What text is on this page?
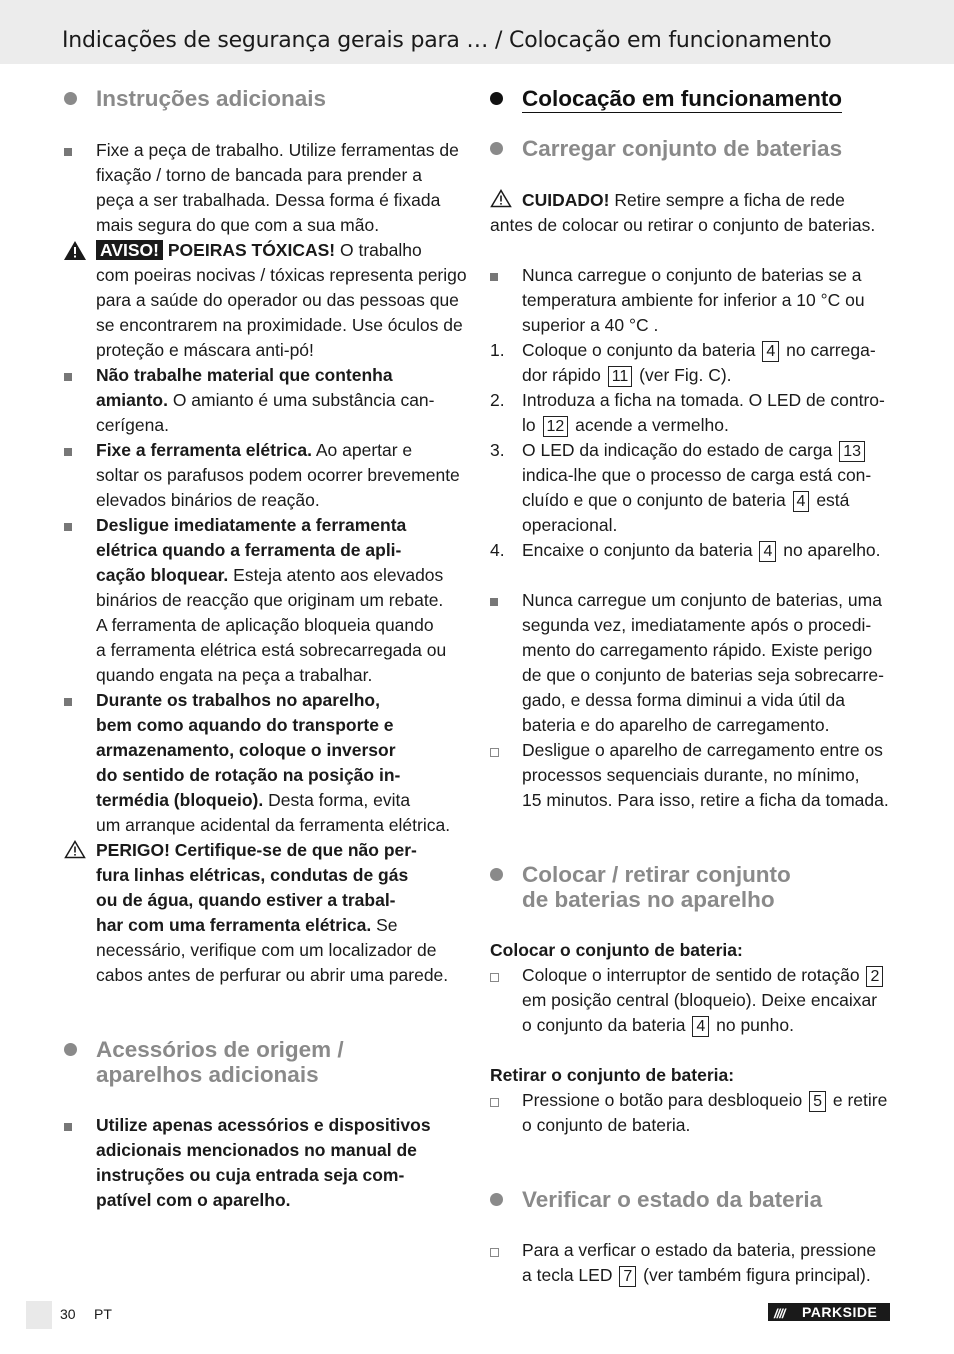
Indicações de segurança gerais para … / Colocação em funcionamento
Instruções adicionais
Fixe a peça de trabalho. Utilize ferramentas de
fixação / torno de bancada para prender a
peça a ser trabalhada. Dessa forma é fixada
mais segura do que com a sua mão.
AVISO! POEIRAS TÓXICAS! O trabalho
com poeiras nocivas / tóxicas representa perigo
para a saúde do operador ou das pessoas que
se encontrarem na proximidade. Use óculos de
proteção e máscara anti-pó!
Não trabalhe material que contenha
amianto. O amianto é uma substância can-
cerígena.
Fixe a ferramenta elétrica. Ao apertar e
soltar os parafusos podem ocorrer brevemente
elevados binários de reação.
Desligue imediatamente a ferramenta
elétrica quando a ferramenta de apli-
cação bloquear. Esteja atento aos elevados
binários de reacção que originam um rebate.
A ferramenta de aplicação bloqueia quando
a ferramenta elétrica está sobrecarregada ou
quando engata na peça a trabalhar.
Durante os trabalhos no aparelho,
bem como aquando do transporte e
armazenamento, coloque o inversor
do sentido de rotação na posição in-
termédia (bloqueio). Desta forma, evita
um arranque acidental da ferramenta elétrica.
PERIGO! Certifique-se de que não per-
fura linhas elétricas, condutas de gás
ou de água, quando estiver a trabal-
har com uma ferramenta elétrica. Se
necessário, verifique com um localizador de
cabos antes de perfurar ou abrir uma parede.
Acessórios de origem /
aparelhos adicionais
Utilize apenas acessórios e dispositivos
adicionais mencionados no manual de
instruções ou cuja entrada seja com-
patível com o aparelho.
Colocação em funcionamento
Carregar conjunto de baterias
CUIDADO! Retire sempre a ficha de rede
antes de colocar ou retirar o conjunto de baterias.
Nunca carregue o conjunto de baterias se a
temperatura ambiente for inferior a 10 °C ou
superior a 40 °C .
1. Coloque o conjunto da bateria 4 no carrega-
dor rápido 11 (ver Fig. C).
2. Introduza a ficha na tomada. O LED de contro-
lo 12 acende a vermelho.
3. O LED da indicação do estado de carga 13
indica-lhe que o processo de carga está con-
cluído e que o conjunto de bateria 4 está
operacional.
4. Encaixe o conjunto da bateria 4 no aparelho.
Nunca carregue um conjunto de baterias, uma
segunda vez, imediatamente após o procedi-
mento do carregamento rápido. Existe perigo
de que o conjunto de baterias seja sobrecarre-
gado, e dessa forma diminui a vida útil da
bateria e do aparelho de carregamento.
Desligue o aparelho de carregamento entre os
processos sequenciais durante, no mínimo,
15 minutos. Para isso, retire a ficha da tomada.
Colocar / retirar conjunto
de baterias no aparelho
Colocar o conjunto de bateria:
Coloque o interruptor de sentido de rotação 2
em posição central (bloqueio). Deixe encaixar
o conjunto da bateria 4 no punho.
Retirar o conjunto de bateria:
Pressione o botão para desbloqueio 5 e retire
o conjunto de bateria.
Verificar o estado da bateria
Para a verficar o estado da bateria, pressione
a tecla LED 7 (ver também figura principal).
30 PT	//// PARKSIDE
